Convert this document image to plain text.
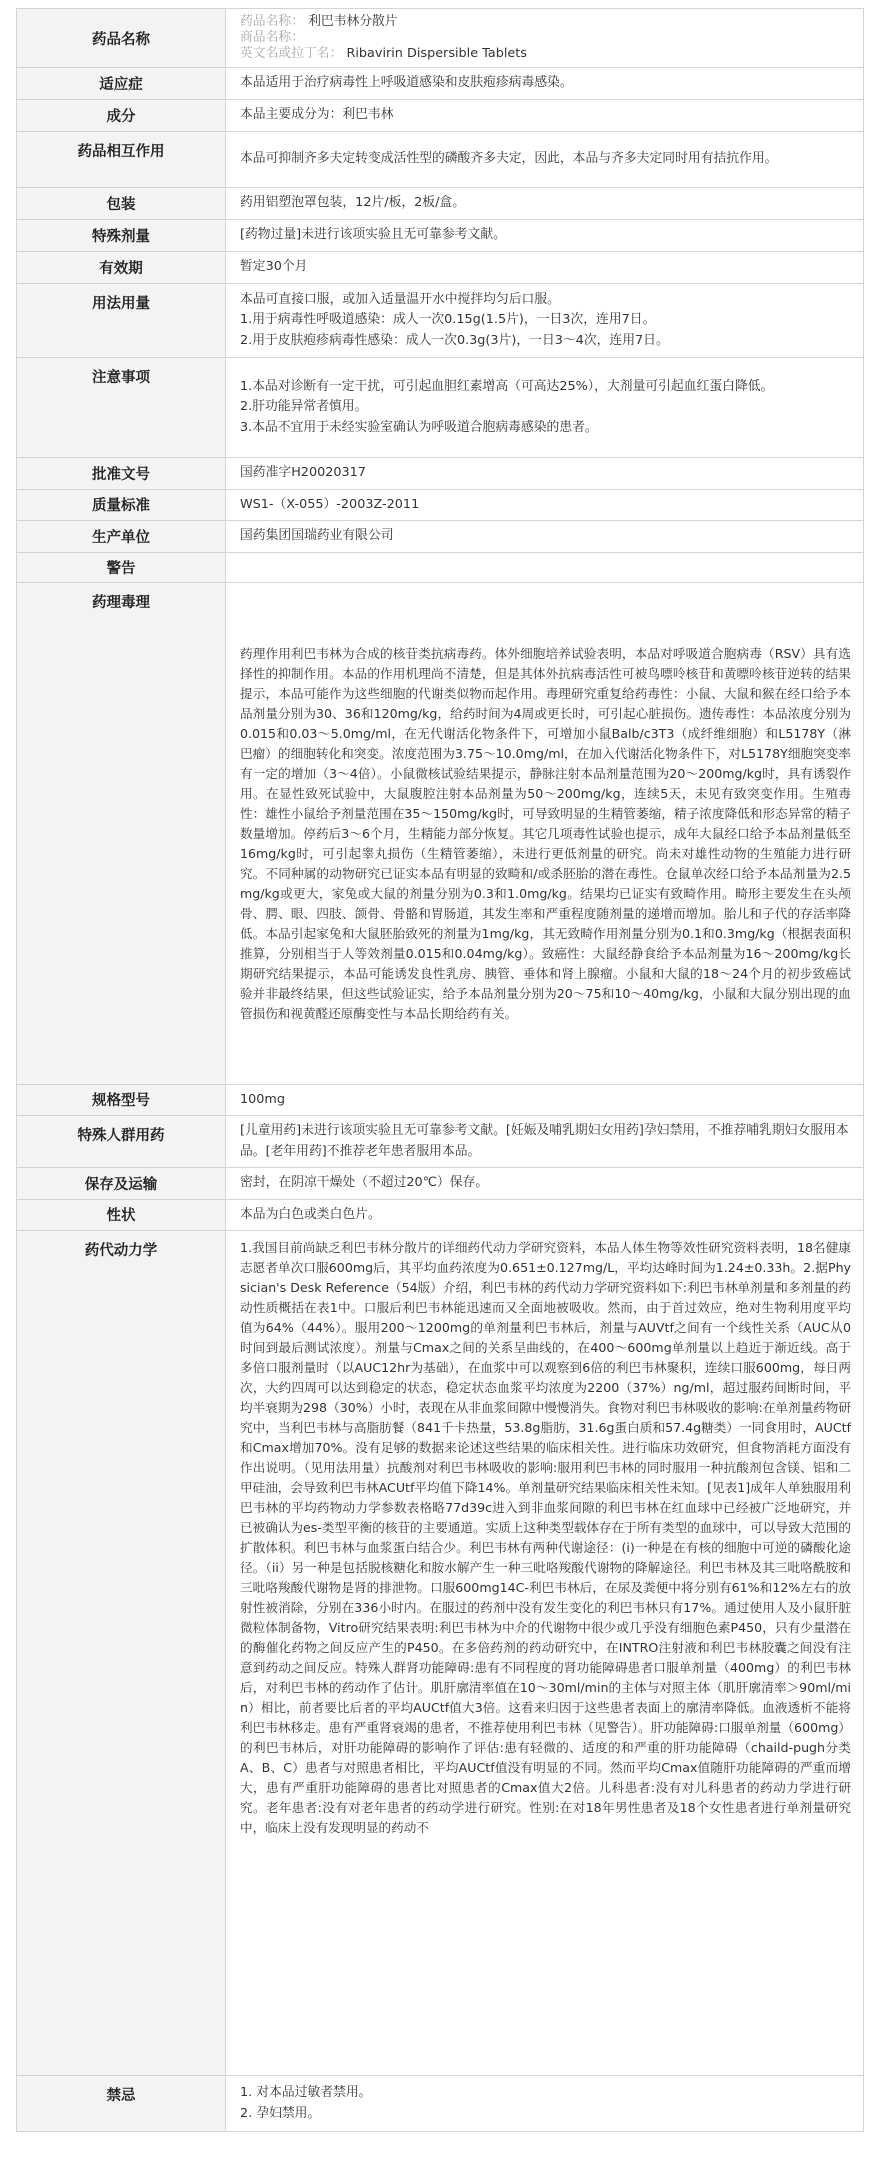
药品名称	药品名称： 利巴韦林分散片
商品名称：
英文名或拉丁名： Ribavirin Dispersible Tablets

适应症	本品适用于治疗病毒性上呼吸道感染和皮肤疱疹病毒感染。
成分	本品主要成分为：利巴韦林
药品相互作用	本品可抑制齐多夫定转变成活性型的磷酸齐多夫定，因此，本品与齐多夫定同时用有拮抗作用。
包装	药用铝塑泡罩包装，12片/板，2板/盒。
特殊剂量	[药物过量]未进行该项实验且无可靠参考文献。
有效期	暂定30个月
用法用量	本品可直接口服，或加入适量温开水中搅拌均匀后口服。
1.用于病毒性呼吸道感染：成人一次0.15g(1.5片)，一日3次，连用7日。
2.用于皮肤疱疹病毒性感染：成人一次0.3g(3片)，一日3～4次，连用7日。

注意事项	1.本品对诊断有一定干扰，可引起血胆红素增高（可高达25%），大剂量可引起血红蛋白降低。
2.肝功能异常者慎用。
3.本品不宜用于未经实验室确认为呼吸道合胞病毒感染的患者。

批准文号	国药准字H20020317
质量标准	WS1-（X-055）-2003Z-2011
生产单位	国药集团国瑞药业有限公司
警告	
药理毒理	药理作用利巴韦林为合成的核苷类抗病毒药。体外细胞培养试验表明，本品对呼吸道合胞病毒（RSV）具有选择性的抑制作用。本品的作用机理尚不清楚，但是其体外抗病毒活性可被鸟嘌呤核苷和黄嘌呤核苷逆转的结果提示，本品可能作为这些细胞的代谢类似物而起作用。毒理研究重复给药毒性：小鼠、大鼠和猴在经口给予本品剂量分别为30、36和120mg/kg，给药时间为4周或更长时，可引起心脏损伤。遗传毒性：本品浓度分别为0.015和0.03～5.0mg/ml，在无代谢活化物条件下，可增加小鼠Balb/c3T3（成纤维细胞）和L5178Y（淋巴瘤）的细胞转化和突变。浓度范围为3.75～10.0mg/ml，在加入代谢活化物条件下，对L5178Y细胞突变率有一定的增加（3～4倍）。小鼠微核试验结果提示，静脉注射本品剂量范围为20～200mg/kg时，具有诱裂作用。在显性致死试验中，大鼠腹腔注射本品剂量为50～200mg/kg，连续5天，未见有致突变作用。生殖毒性：雄性小鼠给予剂量范围在35～150mg/kg时，可导致明显的生精管萎缩，精子浓度降低和形态异常的精子数量增加。停药后3～6个月，生精能力部分恢复。其它几项毒性试验也提示，成年大鼠经口给予本品剂量低至16mg/kg时，可引起睾丸损伤（生精管萎缩），未进行更低剂量的研究。尚未对雄性动物的生殖能力进行研究。不同种属的动物研究已证实本品有明显的致畸和/或杀胚胎的潜在毒性。仓鼠单次经口给予本品剂量为2.5mg/kg或更大，家兔或大鼠的剂量分别为0.3和1.0mg/kg。结果均已证实有致畸作用。畸形主要发生在头颅骨、腭、眼、四肢、颌骨、骨骼和胃肠道，其发生率和严重程度随剂量的递增而增加。胎儿和子代的存活率降低。本品引起家兔和大鼠胚胎致死的剂量为1mg/kg，其无致畸作用剂量分别为0.1和0.3mg/kg（根据表面积推算，分别相当于人等效剂量0.015和0.04mg/kg）。致癌性：大鼠经静食给予本品剂量为16～200mg/kg长期研究结果提示，本品可能诱发良性乳房、胰管、垂体和肾上腺瘤。小鼠和大鼠的18～24个月的初步致癌试验并非最终结果，但这些试验证实，给予本品剂量分别为20～75和10～40mg/kg，小鼠和大鼠分别出现的血管损伤和视黄醛还原酶变性与本品长期给药有关。

规格型号	100mg
特殊人群用药	[儿童用药]未进行该项实验且无可靠参考文献。[妊娠及哺乳期妇女用药]孕妇禁用，不推荐哺乳期妇女服用本品。[老年用药]不推荐老年患者服用本品。
保存及运输	密封，在阴凉干燥处（不超过20℃）保存。
性状	本品为白色或类白色片。
药代动力学	1.我国目前尚缺乏利巴韦林分散片的详细药代动力学研究资料，本品人体生物等效性研究资料表明，18名健康志愿者单次口服600mg后，其平均血药浓度为0.651±0.127mg/L，平均达峰时间为1.24±0.33h。2.据Physician's Desk Reference（54版）介绍，利巴韦林的药代动力学研究资料如下:利巴韦林单剂量和多剂量的药动性质概括在表1中。口服后利巴韦林能迅速而又全面地被吸收。然而，由于首过效应，绝对生物利用度平均值为64%（44%）。服用200～1200mg的单剂量利巴韦林后，剂量与AUVtf之间有一个线性关系（AUC从0时间到最后测试浓度）。剂量与Cmax之间的关系呈曲线的，在400～600mg单剂量以上趋近于渐近线。高于多倍口服剂量时（以AUC12hr为基础），在血浆中可以观察到6倍的利巴韦林聚积，连续口服600mg，每日两次，大约四周可以达到稳定的状态，稳定状态血浆平均浓度为2200（37%）ng/ml，超过服药间断时间，平均半衰期为298（30%）小时，表现在从非血浆间隙中慢慢消失。食物对利巴韦林吸收的影响:在单剂量药物研究中，当利巴韦林与高脂肪餐（841千卡热量，53.8g脂肪，31.6g蛋白质和57.4g糖类）一同食用时，AUCtf和Cmax增加70%。没有足够的数据来论述这些结果的临床相关性。进行临床功效研究，但食物消耗方面没有作出说明。（见用法用量）抗酸剂对利巴韦林吸收的影响:服用利巴韦林的同时服用一种抗酸剂包含镁、铝和二甲硅油，会导致利巴韦林ACUtf平均值下降14%。单剂量研究结果临床相关性未知。[见表1]成年人单独服用利巴韦林的平均药物动力学参数表格略77d39c进入到非血浆间隙的利巴韦林在红血球中已经被广泛地研究，并已被确认为es-类型平衡的核苷的主要通道。实质上这种类型载体存在于所有类型的血球中，可以导致大范围的扩散体积。利巴韦林与血浆蛋白结合少。利巴韦林有两种代谢途径：(i)一种是在有核的细胞中可逆的磷酸化途径。（ii）另一种是包括脱核糖化和胺水解产生一种三吡咯羧酸代谢物的降解途径。利巴韦林及其三吡咯酰胺和三吡咯羧酸代谢物是肾的排泄物。口服600mg14C-利巴韦林后，在尿及粪便中将分别有61%和12%左右的放射性被消除，分别在336小时内。在服过的药剂中没有发生变化的利巴韦林只有17%。通过使用人及小鼠肝脏微粒体制备物，Vitro研究结果表明:利巴韦林为中介的代谢物中很少或几乎没有细胞色素P450，只有少量潜在的酶催化药物之间反应产生的P450。在多倍药剂的药动研究中，在INTRO注射液和利巴韦林胶囊之间没有注意到药动之间反应。特殊人群肾功能障碍:患有不同程度的肾功能障碍患者口服单剂量（400mg）的利巴韦林后，对利巴韦林的药动作了估计。肌肝廓清率值在10～30ml/min的主体与对照主体（肌肝廓清率＞90ml/min）相比，前者要比后者的平均AUCtf值大3倍。这看来归因于这些患者表面上的廓清率降低。血液透析不能将利巴韦林移走。患有严重肾衰竭的患者，不推荐使用利巴韦林（见警告）。肝功能障碍:口服单剂量（600mg）的利巴韦林后，对肝功能障碍的影响作了评估:患有轻微的、适度的和严重的肝功能障碍（chaild-pugh分类A、B、C）患者与对照患者相比，平均AUCtf值没有明显的不同。然而平均Cmax值随肝功能障碍的严重而增大，患有严重肝功能障碍的患者比对照患者的Cmax值大2倍。儿科患者:没有对儿科患者的药动力学进行研究。老年患者:没有对老年患者的药动学进行研究。性别:在对18年男性患者及18个女性患者进行单剂量研究中，临床上没有发现明显的药动不

禁忌	1. 对本品过敏者禁用。
2. 孕妇禁用。
